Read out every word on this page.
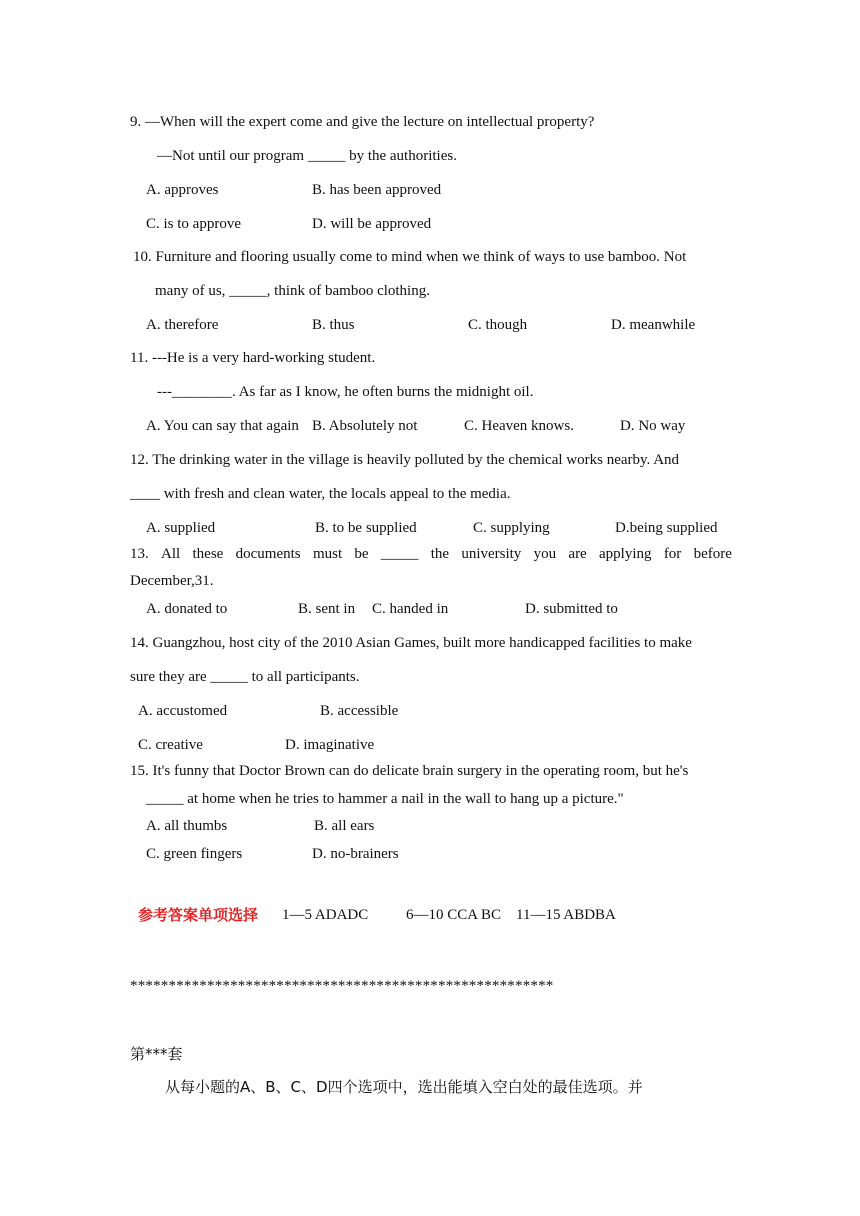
9. —When will the expert come and give the lecture on intellectual property?
—Not until our program _____ by the authorities.
A. approves	B. has been approved
C. is to approve	D. will be approved
10. Furniture and flooring usually come to mind when we think of ways to use bamboo. Not
many of us, _____, think of bamboo clothing.
A. therefore	B. thus	C. though	D. meanwhile
11. ---He is a very hard-working student.
---________. As far as I know, he often burns the midnight oil.
A. You can say that again B. Absolutely not	C. Heaven knows.	D. No way
12. The drinking water in the village is heavily polluted by the chemical works nearby. And
____ with fresh and clean water, the locals appeal to the media.
A. supplied	B. to be supplied	C. supplying	D.being supplied
13. All these documents must be _____ the university you are applying for before
December,31.
A. donated to	B. sent in C. handed in	D. submitted to
14. Guangzhou, host city of the 2010 Asian Games, built more handicapped facilities to make
sure they are _____ to all participants.
A. accustomed	B. accessible
C. creative	D. imaginative
15. It's funny that Doctor Brown can do delicate brain surgery in the operating room, but he's
_____ at home when he tries to hammer a nail in the wall to hang up a picture."
A. all thumbs	B. all ears
C. green fingers	D. no-brainers
参考答案单项选择 1—5 ADADC	6—10 CCA BC 11—15 ABDBA
*******************************************************
第***套
从每小题的A、B、C、D四个选项中，选出能填入空白处的最佳选项。并
